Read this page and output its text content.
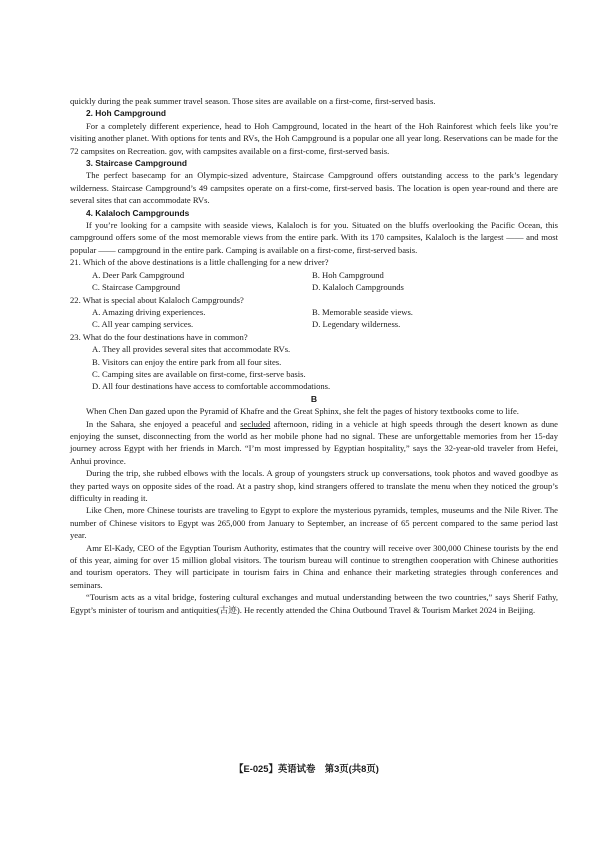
quickly during the peak summer travel season. Those sites are available on a first-come, first-served basis.

2. Hoh Campground

For a completely different experience, head to Hoh Campground, located in the heart of the Hoh Rainforest which feels like you’re visiting another planet. With options for tents and RVs, the Hoh Campground is a popular one all year long. Reservations can be made for the 72 campsites on Recreation. gov, with campsites available on a first-come, first-served basis.

3. Staircase Campground

The perfect basecamp for an Olympic-sized adventure, Staircase Campground offers outstanding access to the park’s legendary wilderness. Staircase Campground’s 49 campsites operate on a first-come, first-served basis. The location is open year-round and there are several sites that can accommodate RVs.

4. Kalaloch Campgrounds

If you’re looking for a campsite with seaside views, Kalaloch is for you. Situated on the bluffs overlooking the Pacific Ocean, this campground offers some of the most memorable views from the entire park. With its 170 campsites, Kalaloch is the largest —— and most popular —— campground in the entire park. Camping is available on a first-come, first-served basis.

21. Which of the above destinations is a little challenging for a new driver?

A. Deer Park Campground	B. Hoh Campground
C. Staircase Campground	D. Kalaloch Campgrounds

22. What is special about Kalaloch Campgrounds?

A. Amazing driving experiences.	B. Memorable seaside views.
C. All year camping services.	D. Legendary wilderness.

23. What do the four destinations have in common?

A. They all provides several sites that accommodate RVs.

B. Visitors can enjoy the entire park from all four sites.

C. Camping sites are available on first-come, first-serve basis.

D. All four destinations have access to comfortable accommodations.

B

When Chen Dan gazed upon the Pyramid of Khafre and the Great Sphinx, she felt the pages of history textbooks come to life.

In the Sahara, she enjoyed a peaceful and secluded afternoon, riding in a vehicle at high speeds through the desert known as dune enjoying the sunset, disconnecting from the world as her mobile phone had no signal. These are unforgettable memories from her 15-day journey across Egypt with her friends in March. “I’m most impressed by Egyptian hospitality,” says the 32-year-old traveler from Hefei, Anhui province.

During the trip, she rubbed elbows with the locals. A group of youngsters struck up conversations, took photos and waved goodbye as they parted ways on opposite sides of the road. At a pastry shop, kind strangers offered to translate the menu when they noticed the group’s difficulty in reading it.

Like Chen, more Chinese tourists are traveling to Egypt to explore the mysterious pyramids, temples, museums and the Nile River. The number of Chinese visitors to Egypt was 265,000 from January to September, an increase of 65 percent compared to the same period last year.

Amr El-Kady, CEO of the Egyptian Tourism Authority, estimates that the country will receive over 300,000 Chinese tourists by the end of this year, aiming for over 15 million global visitors. The tourism bureau will continue to strengthen cooperation with Chinese authorities and tourism operators. They will participate in tourism fairs in China and enhance their marketing strategies through conferences and seminars.

“Tourism acts as a vital bridge, fostering cultural exchanges and mutual understanding between the two countries,” says Sherif Fathy, Egypt’s minister of tourism and antiquities(古迹). He recently attended the China Outbound Travel & Tourism Market 2024 in Beijing.

【E-025】英语试卷　第3页(共8页)
